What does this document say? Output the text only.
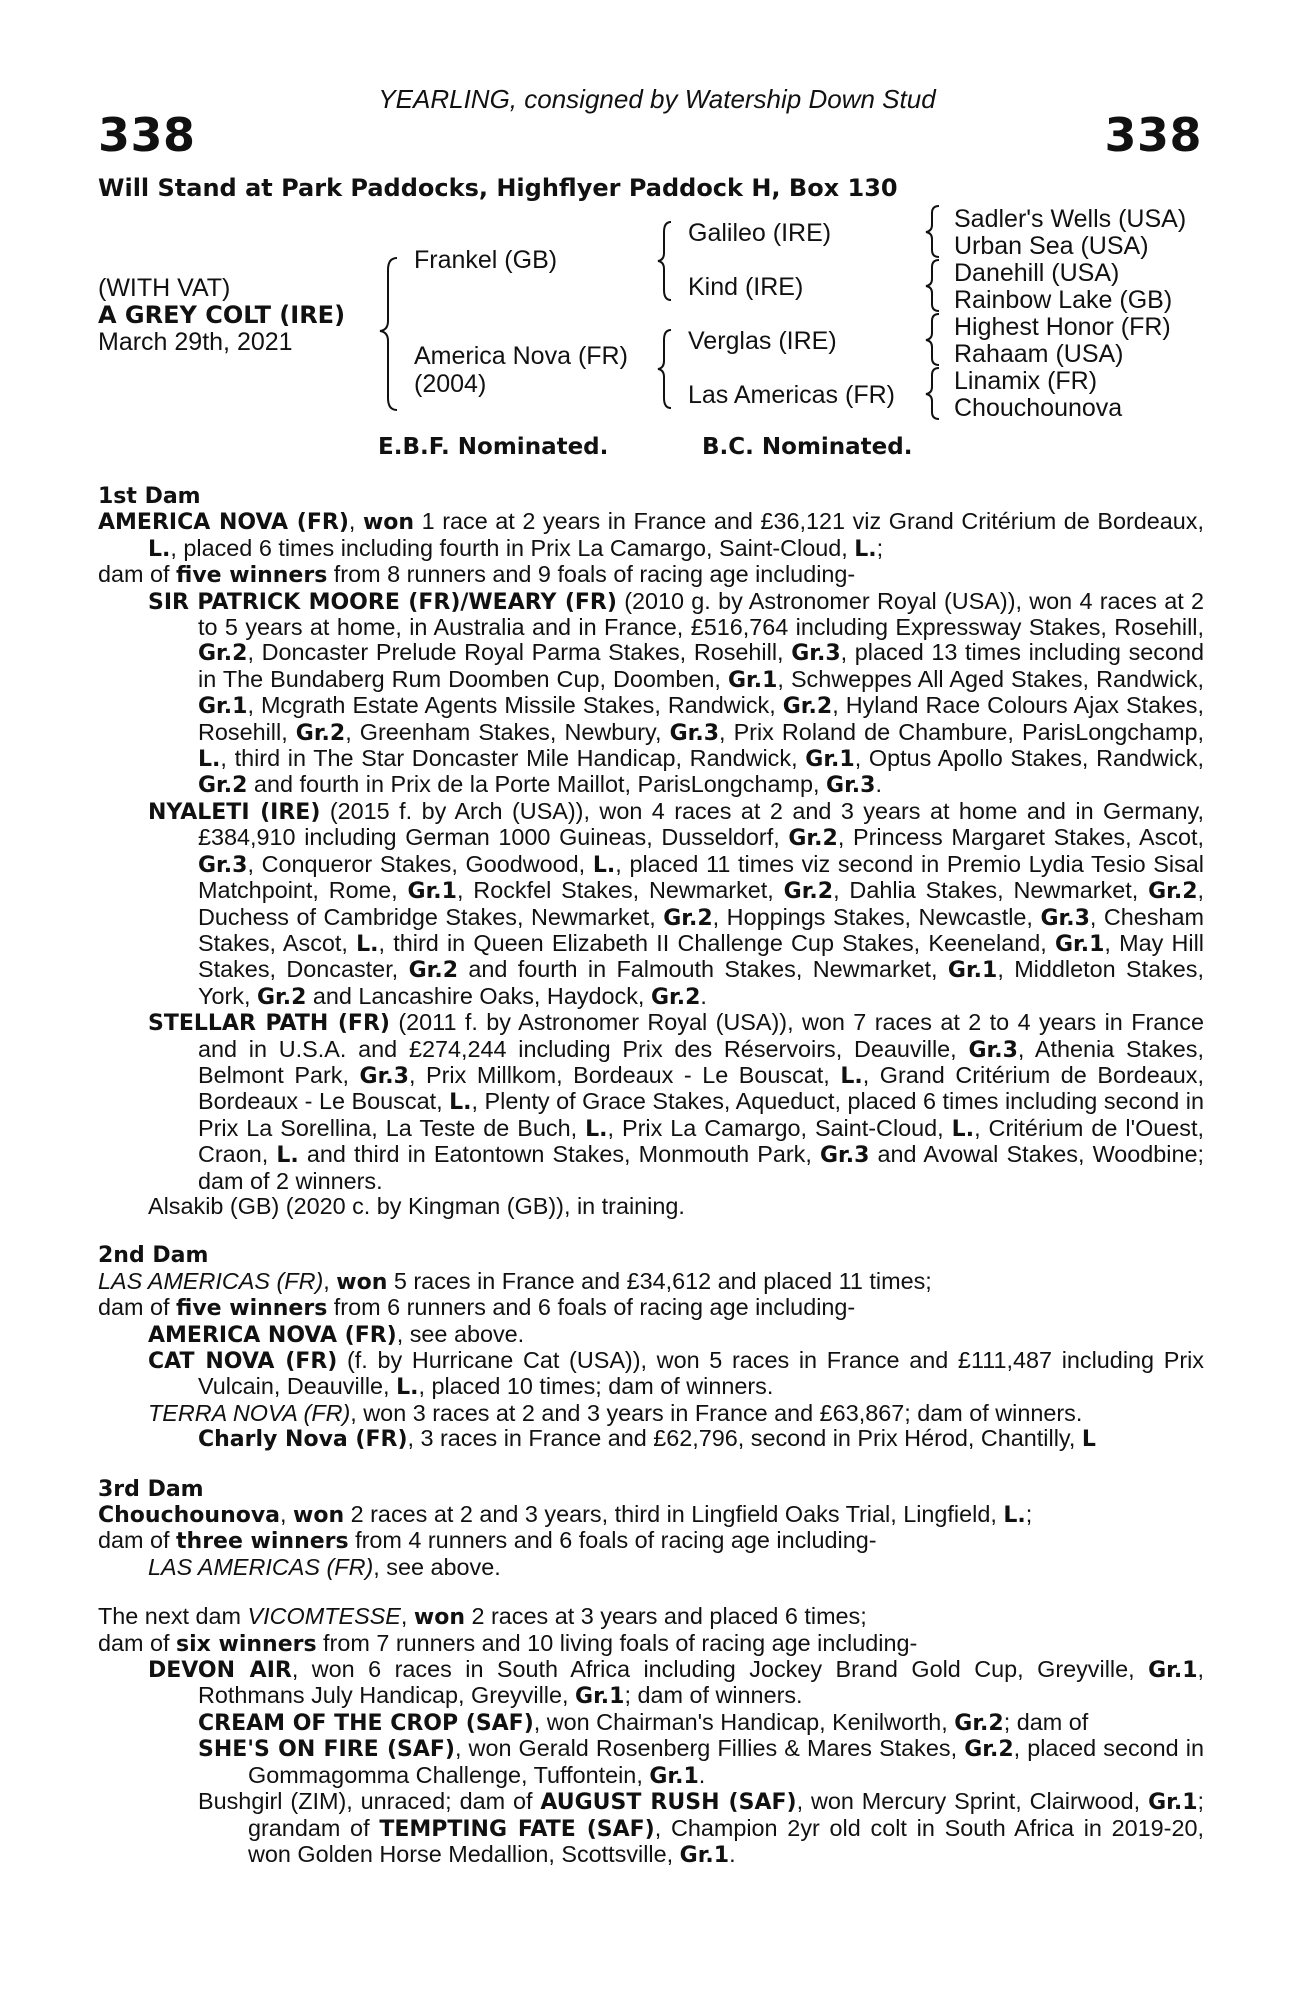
YEARLING, consigned by Watership Down Stud
338	338
Will Stand at Park Paddocks, Highflyer Paddock H, Box 130
(WITH VAT)
A GREY COLT (IRE)
March 29th, 2021
Frankel (GB)
America Nova (FR)
(2004)
Galileo (IRE)
Kind (IRE)
Verglas (IRE)
Las Americas (FR)
Sadler's Wells (USA)
Urban Sea (USA)
Danehill (USA)
Rainbow Lake (GB)
Highest Honor (FR)
Rahaam (USA)
Linamix (FR)
Chouchounova
E.B.F. Nominated.	B.C. Nominated.
1st Dam
AMERICA NOVA (FR), won 1 race at 2 years in France and £36,121 viz Grand Critérium de Bordeaux, L., placed 6 times including fourth in Prix La Camargo, Saint-Cloud, L.;
dam of five winners from 8 runners and 9 foals of racing age including-
SIR PATRICK MOORE (FR)/WEARY (FR) (2010 g. by Astronomer Royal (USA)), won 4 races at 2 to 5 years at home, in Australia and in France, £516,764 including Expressway Stakes, Rosehill, Gr.2, Doncaster Prelude Royal Parma Stakes, Rosehill, Gr.3, placed 13 times including second in The Bundaberg Rum Doomben Cup, Doomben, Gr.1, Schweppes All Aged Stakes, Randwick, Gr.1, Mcgrath Estate Agents Missile Stakes, Randwick, Gr.2, Hyland Race Colours Ajax Stakes, Rosehill, Gr.2, Greenham Stakes, Newbury, Gr.3, Prix Roland de Chambure, ParisLongchamp, L., third in The Star Doncaster Mile Handicap, Randwick, Gr.1, Optus Apollo Stakes, Randwick, Gr.2 and fourth in Prix de la Porte Maillot, ParisLongchamp, Gr.3.
NYALETI (IRE) (2015 f. by Arch (USA)), won 4 races at 2 and 3 years at home and in Germany, £384,910 including German 1000 Guineas, Dusseldorf, Gr.2, Princess Margaret Stakes, Ascot, Gr.3, Conqueror Stakes, Goodwood, L., placed 11 times viz second in Premio Lydia Tesio Sisal Matchpoint, Rome, Gr.1, Rockfel Stakes, Newmarket, Gr.2, Dahlia Stakes, Newmarket, Gr.2, Duchess of Cambridge Stakes, Newmarket, Gr.2, Hoppings Stakes, Newcastle, Gr.3, Chesham Stakes, Ascot, L., third in Queen Elizabeth II Challenge Cup Stakes, Keeneland, Gr.1, May Hill Stakes, Doncaster, Gr.2 and fourth in Falmouth Stakes, Newmarket, Gr.1, Middleton Stakes, York, Gr.2 and Lancashire Oaks, Haydock, Gr.2.
STELLAR PATH (FR) (2011 f. by Astronomer Royal (USA)), won 7 races at 2 to 4 years in France and in U.S.A. and £274,244 including Prix des Réservoirs, Deauville, Gr.3, Athenia Stakes, Belmont Park, Gr.3, Prix Millkom, Bordeaux - Le Bouscat, L., Grand Critérium de Bordeaux, Bordeaux - Le Bouscat, L., Plenty of Grace Stakes, Aqueduct, placed 6 times including second in Prix La Sorellina, La Teste de Buch, L., Prix La Camargo, Saint-Cloud, L., Critérium de l'Ouest, Craon, L. and third in Eatontown Stakes, Monmouth Park, Gr.3 and Avowal Stakes, Woodbine; dam of 2 winners.
Alsakib (GB) (2020 c. by Kingman (GB)), in training.
2nd Dam
LAS AMERICAS (FR), won 5 races in France and £34,612 and placed 11 times;
dam of five winners from 6 runners and 6 foals of racing age including-
AMERICA NOVA (FR), see above.
CAT NOVA (FR) (f. by Hurricane Cat (USA)), won 5 races in France and £111,487 including Prix Vulcain, Deauville, L., placed 10 times; dam of winners.
TERRA NOVA (FR), won 3 races at 2 and 3 years in France and £63,867; dam of winners.
Charly Nova (FR), 3 races in France and £62,796, second in Prix Hérod, Chantilly, L
3rd Dam
Chouchounova, won 2 races at 2 and 3 years, third in Lingfield Oaks Trial, Lingfield, L.;
dam of three winners from 4 runners and 6 foals of racing age including-
LAS AMERICAS (FR), see above.
The next dam VICOMTESSE, won 2 races at 3 years and placed 6 times;
dam of six winners from 7 runners and 10 living foals of racing age including-
DEVON AIR, won 6 races in South Africa including Jockey Brand Gold Cup, Greyville, Gr.1, Rothmans July Handicap, Greyville, Gr.1; dam of winners.
CREAM OF THE CROP (SAF), won Chairman's Handicap, Kenilworth, Gr.2; dam of
SHE'S ON FIRE (SAF), won Gerald Rosenberg Fillies & Mares Stakes, Gr.2, placed second in Gommagomma Challenge, Tuffontein, Gr.1.
Bushgirl (ZIM), unraced; dam of AUGUST RUSH (SAF), won Mercury Sprint, Clairwood, Gr.1; grandam of TEMPTING FATE (SAF), Champion 2yr old colt in South Africa in 2019-20, won Golden Horse Medallion, Scottsville, Gr.1.
